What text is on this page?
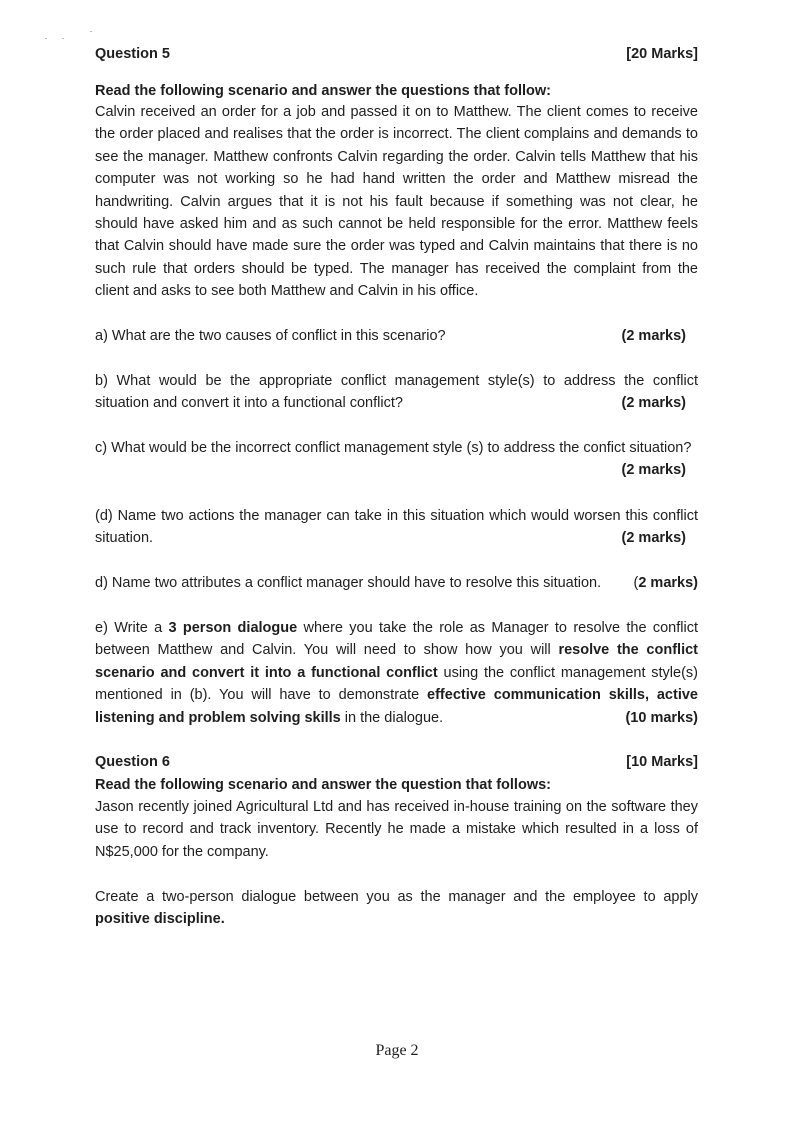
Question 5	[20 Marks]
Read the following scenario and answer the questions that follow:
Calvin received an order for a job and passed it on to Matthew. The client comes to receive the order placed and realises that the order is incorrect. The client complains and demands to see the manager. Matthew confronts Calvin regarding the order. Calvin tells Matthew that his computer was not working so he had hand written the order and Matthew misread the handwriting. Calvin argues that it is not his fault because if something was not clear, he should have asked him and as such cannot be held responsible for the error. Matthew feels that Calvin should have made sure the order was typed and Calvin maintains that there is no such rule that orders should be typed. The manager has received the complaint from the client and asks to see both Matthew and Calvin in his office.
a) What are the two causes of conflict in this scenario?	(2 marks)
b) What would be the appropriate conflict management style(s) to address the conflict
situation and convert it into a functional conflict?	(2 marks)
c) What would be the incorrect conflict management style (s) to address the confict situation?
(2 marks)
(d) Name two actions the manager can take in this situation which would worsen this conflict
situation.	(2 marks)
d) Name two attributes a conflict manager should have to resolve this situation. (2 marks)
e) Write a 3 person dialogue where you take the role as Manager to resolve the conflict between Matthew and Calvin. You will need to show how you will resolve the conflict scenario and convert it into a functional conflict using the conflict management style(s) mentioned in (b). You will have to demonstrate effective communication skills, active listening and problem solving skills in the dialogue.	(10 marks)
Question 6	[10 Marks]
Read the following scenario and answer the question that follows:
Jason recently joined Agricultural Ltd and has received in-house training on the software they use to record and track inventory. Recently he made a mistake which resulted in a loss of N$25,000 for the company.
Create a two-person dialogue between you as the manager and the employee to apply positive discipline.
Page 2
